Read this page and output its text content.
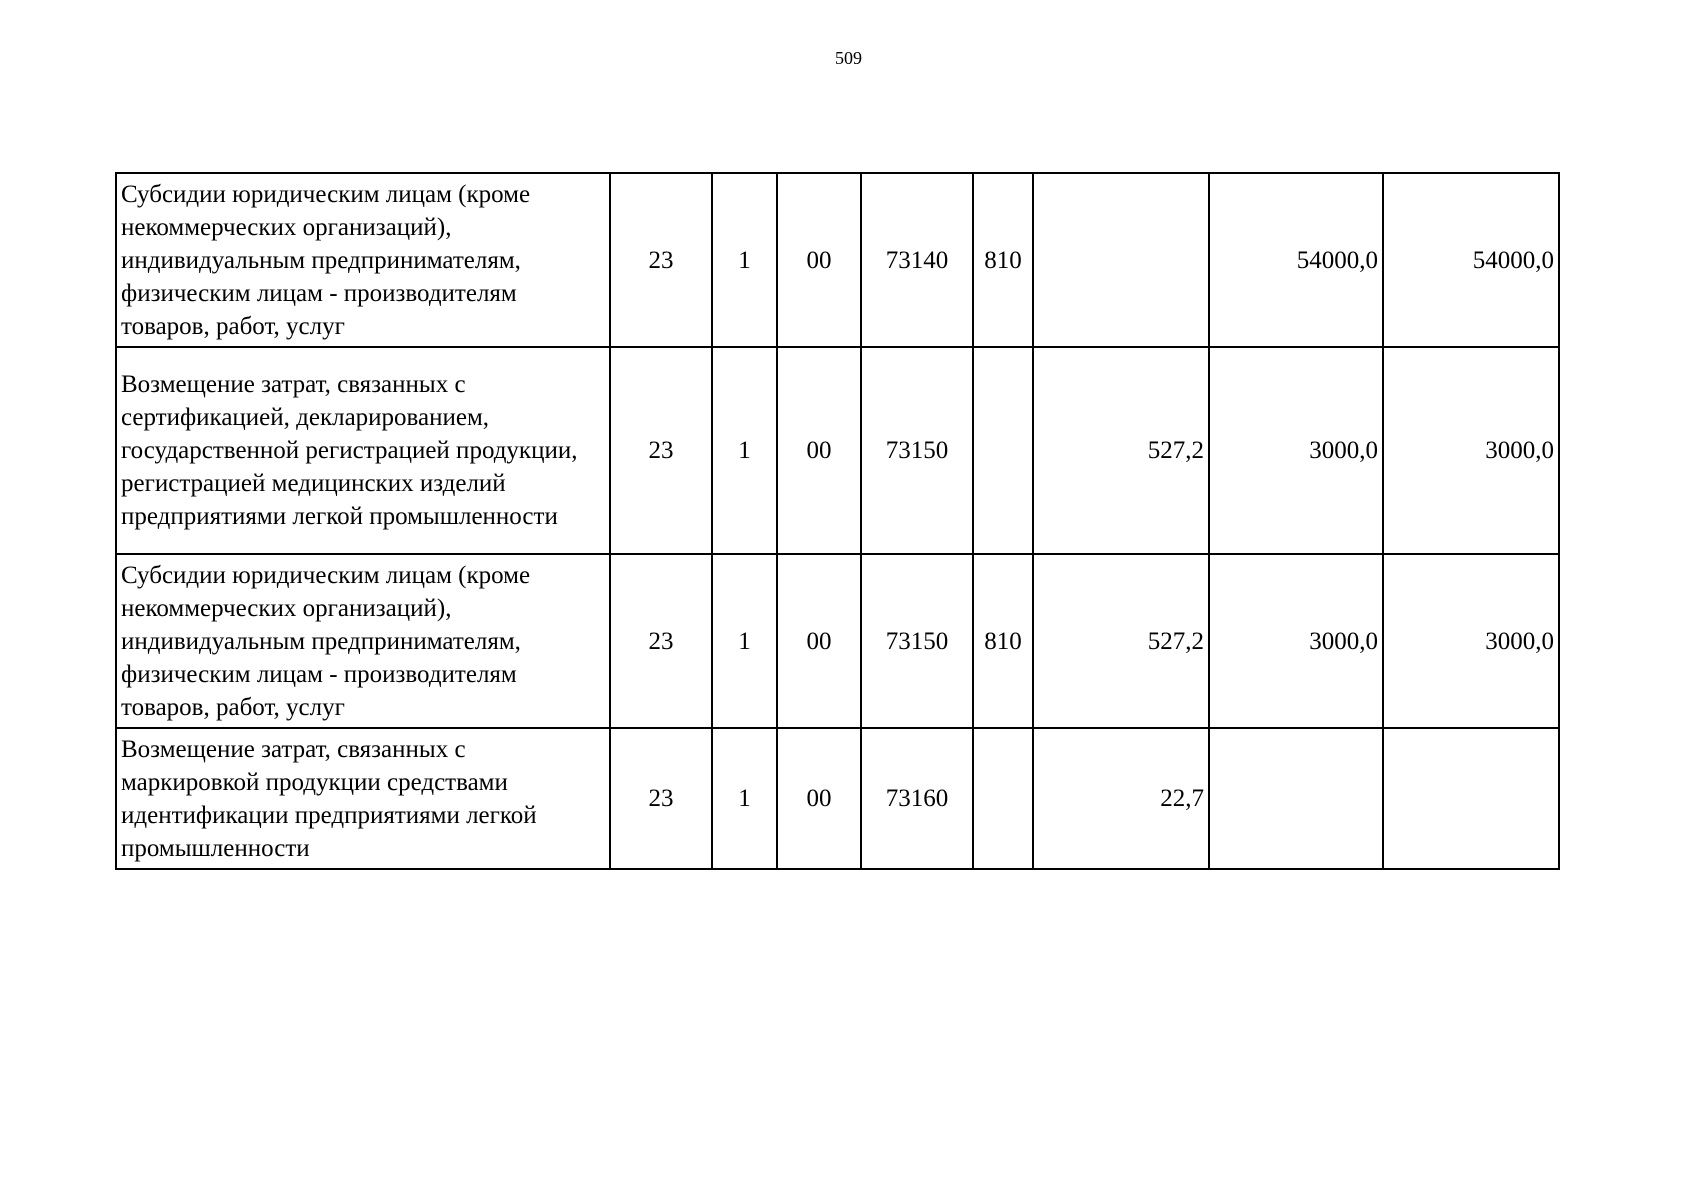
509
Субсидии юридическим лицам (кроме некоммерческих организаций), индивидуальным предпринимателям, физическим лицам - производителям товаров, работ, услуг	23	1	00	73140	810		54000,0	54000,0
Возмещение затрат, связанных с сертификацией, декларированием, государственной регистрацией продукции, регистрацией медицинских изделий предприятиями легкой промышленности	23	1	00	73150		527,2	3000,0	3000,0
Субсидии юридическим лицам (кроме некоммерческих организаций), индивидуальным предпринимателям, физическим лицам - производителям товаров, работ, услуг	23	1	00	73150	810	527,2	3000,0	3000,0
Возмещение затрат, связанных с маркировкой продукции средствами идентификации предприятиями легкой промышленности	23	1	00	73160		22,7		
